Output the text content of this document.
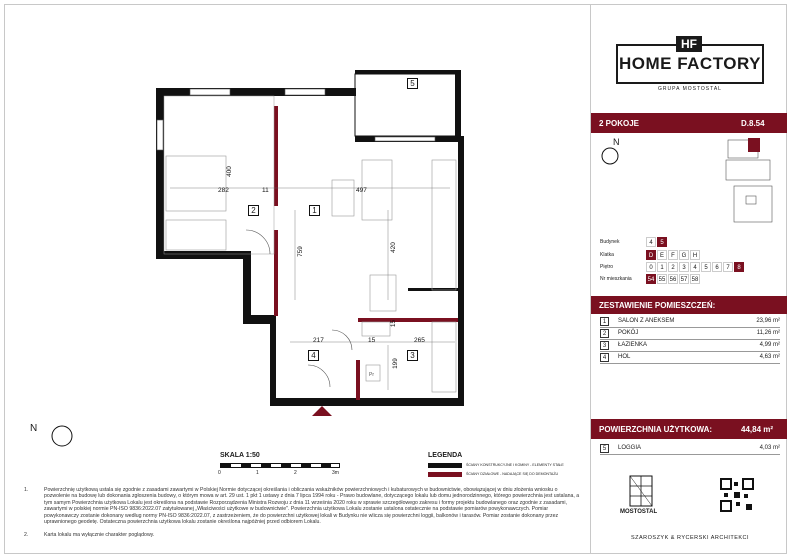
Pr
400
282	11	497
759	420
217	15	265
15
199
1
2
3
4
5
N
SKALA 1:50
0	1	2	3m
LEGENDA
ŚCIANY KONSTRUKCYJNE I KOMINY - ELEMENTY STAŁE
ŚCIANY DZIAŁOWE - NADAJĄCE SIĘ DO DEMONTAŻU
1.	Powierzchnię użytkową ustala się zgodnie z zasadami zawartymi w Polskiej Normie dotyczącej określania i obliczania wskaźników powierzchniowych i kubaturowych w budownictwie, obowiązującej w dniu złożenia wniosku o pozwolenie na budowę lub dokonania zgłoszenia budowy, o którym mowa w art. 29 ust. 1 pkt 1 ustawy z dnia 7 lipca 1994 roku - Prawo budowlane, dotyczącego lokalu lub domu jednorodzinnego, którego powierzchnia jest ustalana, a tym samym Powierzchnia użytkowa Lokalu jest określona na podstawie Rozporządzenia Ministra Rozwoju z dnia 11 września 2020 roku w sprawie szczegółowego zakresu i formy projektu budowlanego oraz zgodnie z zasadami, zawartymi w polskiej normie PN-ISO 9836:2022.07 zatytułowanej „Właściwości użytkowe w budownictwie". Powierzchnia użytkowa Lokalu zostanie ustalona ostatecznie na podstawie pomiarów powykonawczych. Pomiar powykonawczy zostanie dokonany według normy PN-ISO 9836:2022.07, z zastrzeżeniem, że do powierzchni użytkowej lokali w Budynku nie wlicza się powierzchni loggii, balkonów i tarasów. Pomiar zostanie dokonany przez uprawnionego geodetę. Ostateczna powierzchnia użytkowa lokalu zostanie określona najpóźniej przed odbiorem Lokalu.
2.	Karta lokalu ma wyłącznie charakter poglądowy.
HF
HOME FACTORY
GRUPA MOSTOSTAL
2 POKOJE	D.8.54
N
Budynek	4	5
Klatka	D	E	F	G	H
Piętro	0	1	2	3	4	5	6	7	8
Nr mieszkania	54 55 56 57 58
ZESTAWIENIE POMIESZCZEŃ:
1	SALON Z ANEKSEM	23,96 m²
2	POKÓJ	11,26 m²
3	ŁAZIENKA	4,99 m²
4	HOL	4,63 m²
POWIERZCHNIA UŻYTKOWA:	44,84 m²
5	LOGGIA	4,03 m²
MOSTOSTAL
SZAROSZYK & RYCERSKI ARCHITEKCI
